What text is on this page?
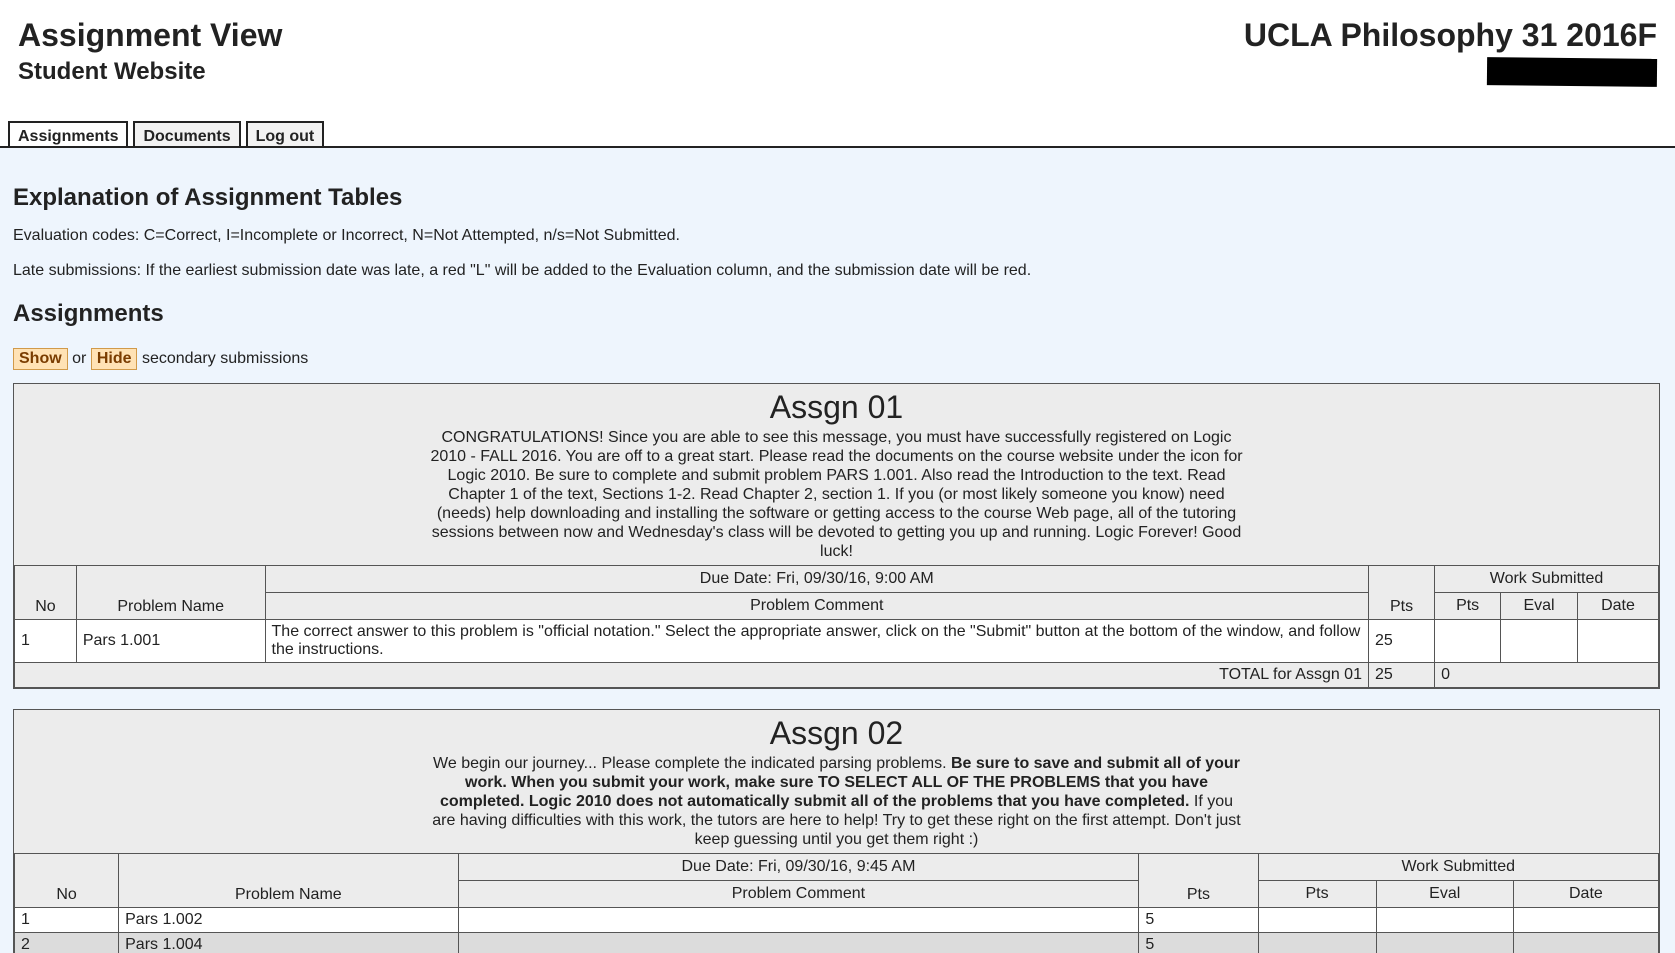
Assignment View
Student Website
UCLA Philosophy 31 2016F
Assignments	Documents	Log out
Explanation of Assignment Tables

Evaluation codes: C=Correct, I=Incomplete or Incorrect, N=Not Attempted, n/s=Not Submitted.

Late submissions: If the earliest submission date was late, a red "L" will be added to the Evaluation column, and the submission date will be red.

Assignments
Show or Hide secondary submissions
Assgn 01
CONGRATULATIONS! Since you are able to see this message, you must have successfully registered on Logic 2010 - FALL 2016. You are off to a great start. Please read the documents on the course website under the icon for Logic 2010. Be sure to complete and submit problem PARS 1.001. Also read the Introduction to the text. Read Chapter 1 of the text, Sections 1-2. Read Chapter 2, section 1. If you (or most likely someone you know) need (needs) help downloading and installing the software or getting access to the course Web page, all of the tutoring sessions between now and Wednesday's class will be devoted to getting you up and running. Logic Forever! Good luck!
No	Problem Name	Due Date: Fri, 09/30/16, 9:00 AM	Pts	Work Submitted		
		Problem Comment		Pts	Eval	Date
1	Pars 1.001	The correct answer to this problem is "official notation." Select the appropriate answer, click on the "Submit" button at the bottom of the window, and follow the instructions.	25			
TOTAL for Assgn 01			25	0		
Assgn 02
We begin our journey... Please complete the indicated parsing problems. Be sure to save and submit all of your work. When you submit your work, make sure TO SELECT ALL OF THE PROBLEMS that you have completed. Logic 2010 does not automatically submit all of the problems that you have completed. If you are having difficulties with this work, the tutors are here to help! Try to get these right on the first attempt. Don't just keep guessing until you get them right :)
No	Problem Name	Due Date: Fri, 09/30/16, 9:45 AM	Pts	Work Submitted		
		Problem Comment		Pts	Eval	Date
1	Pars 1.002		5			
2	Pars 1.004		5			
